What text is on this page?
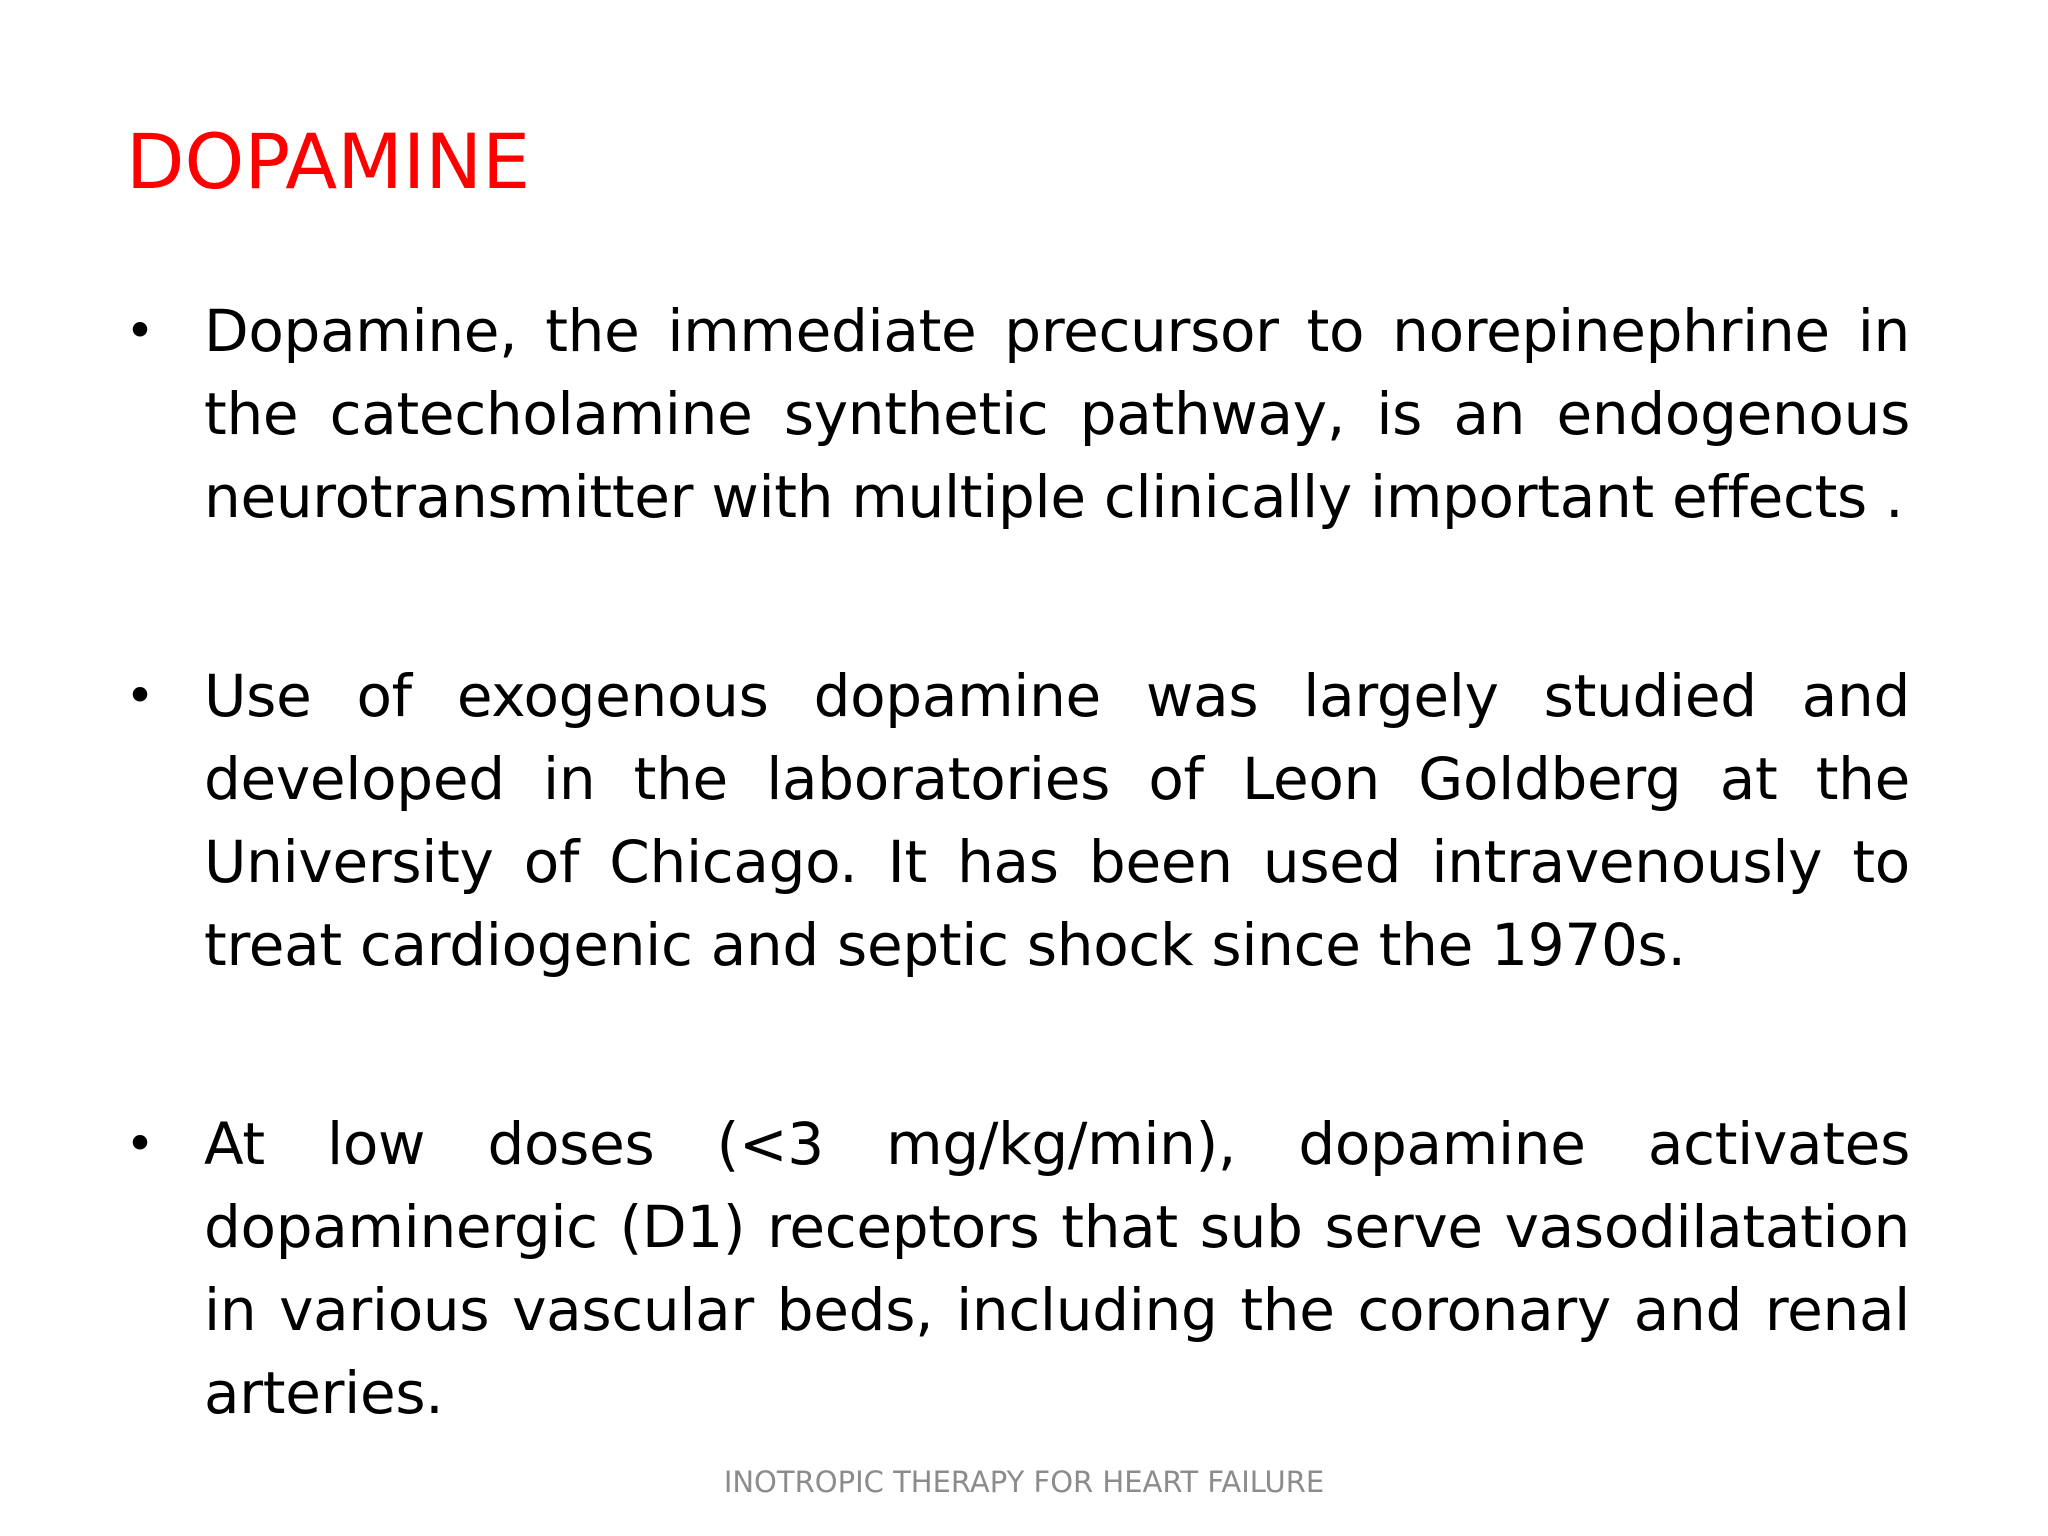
DOPAMINE
• Dopamine, the immediate precursor to norepinephrine in the catecholamine synthetic pathway, is an endogenous neurotransmitter with multiple clinically important effects .
• Use of exogenous dopamine was largely studied and developed in the laboratories of Leon Goldberg at the University of Chicago. It has been used intravenously to treat cardiogenic and septic shock since the 1970s.
• At low doses (<3 mg/kg/min), dopamine activates dopaminergic (D1) receptors that sub serve vasodilatation in various vascular beds, including the coronary and renal arteries.
INOTROPIC THERAPY FOR HEART FAILURE
